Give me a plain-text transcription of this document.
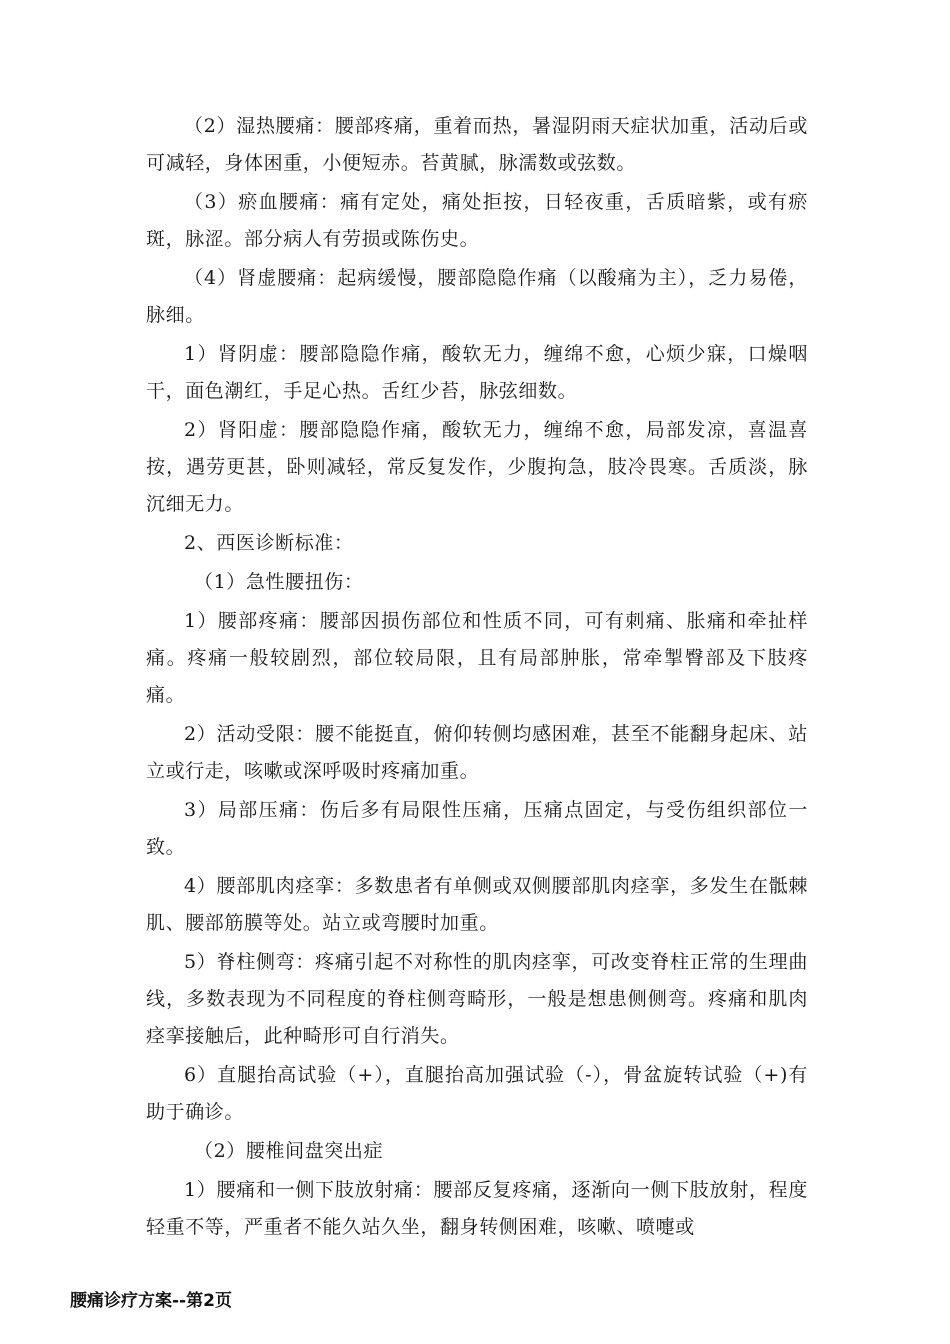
（2）湿热腰痛：腰部疼痛，重着而热，暑湿阴雨天症状加重，活动后或可减轻，身体困重，小便短赤。苔黄腻，脉濡数或弦数。

（3）瘀血腰痛：痛有定处，痛处拒按，日轻夜重，舌质暗紫，或有瘀斑，脉涩。部分病人有劳损或陈伤史。

（4）肾虚腰痛：起病缓慢，腰部隐隐作痛（以酸痛为主），乏力易倦，脉细。

1）肾阴虚：腰部隐隐作痛，酸软无力，缠绵不愈，心烦少寐，口燥咽干，面色潮红，手足心热。舌红少苔，脉弦细数。

2）肾阳虚：腰部隐隐作痛，酸软无力，缠绵不愈，局部发凉，喜温喜按，遇劳更甚，卧则减轻，常反复发作，少腹拘急，肢冷畏寒。舌质淡，脉沉细无力。

2、西医诊断标准：

（1）急性腰扭伤：

1）腰部疼痛：腰部因损伤部位和性质不同，可有刺痛、胀痛和牵扯样痛。疼痛一般较剧烈，部位较局限，且有局部肿胀，常牵掣臀部及下肢疼痛。

2）活动受限：腰不能挺直，俯仰转侧均感困难，甚至不能翻身起床、站立或行走，咳嗽或深呼吸时疼痛加重。

3）局部压痛：伤后多有局限性压痛，压痛点固定，与受伤组织部位一致。

4）腰部肌肉痉挛：多数患者有单侧或双侧腰部肌肉痉挛，多发生在骶棘肌、腰部筋膜等处。站立或弯腰时加重。

5）脊柱侧弯：疼痛引起不对称性的肌肉痉挛，可改变脊柱正常的生理曲线，多数表现为不同程度的脊柱侧弯畸形，一般是想患侧侧弯。疼痛和肌肉痉挛接触后，此种畸形可自行消失。

6）直腿抬高试验（+），直腿抬高加强试验（-），骨盆旋转试验（+)有助于确诊。

（2）腰椎间盘突出症

1）腰痛和一侧下肢放射痛：腰部反复疼痛，逐渐向一侧下肢放射，程度轻重不等，严重者不能久站久坐，翻身转侧困难，咳嗽、喷嚏或

腰痛诊疗方案--第2页
